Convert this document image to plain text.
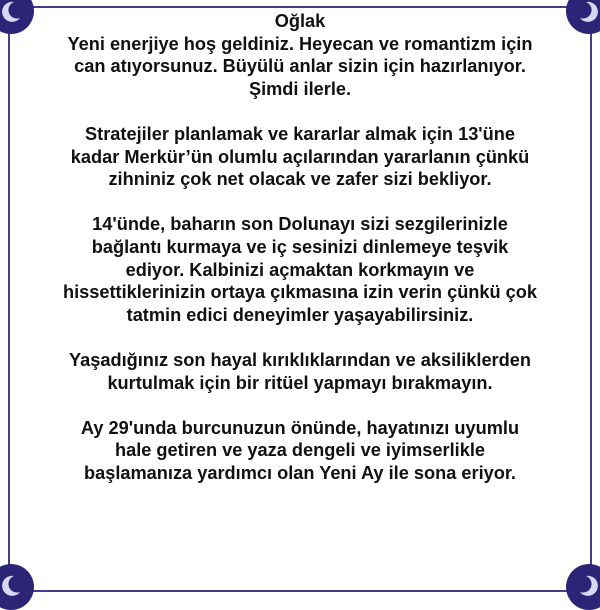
Oğlak

Yeni enerjiye hoş geldiniz. Heyecan ve romantizm için

can atıyorsunuz. Büyülü anlar sizin için hazırlanıyor.

Şimdi ilerle.

Stratejiler planlamak ve kararlar almak için 13'üne

kadar Merkür’ün olumlu açılarından yararlanın çünkü

zihniniz çok net olacak ve zafer sizi bekliyor.

14'ünde, baharın son Dolunayı sizi sezgilerinizle

bağlantı kurmaya ve iç sesinizi dinlemeye teşvik

ediyor. Kalbinizi açmaktan korkmayın ve

hissettiklerinizin ortaya çıkmasına izin verin çünkü çok

tatmin edici deneyimler yaşayabilirsiniz.

Yaşadığınız son hayal kırıklıklarından ve aksiliklerden

kurtulmak için bir ritüel yapmayı bırakmayın.

Ay 29'unda burcunuzun önünde, hayatınızı uyumlu

hale getiren ve yaza dengeli ve iyimserlikle

başlamanıza yardımcı olan Yeni Ay ile sona eriyor.
